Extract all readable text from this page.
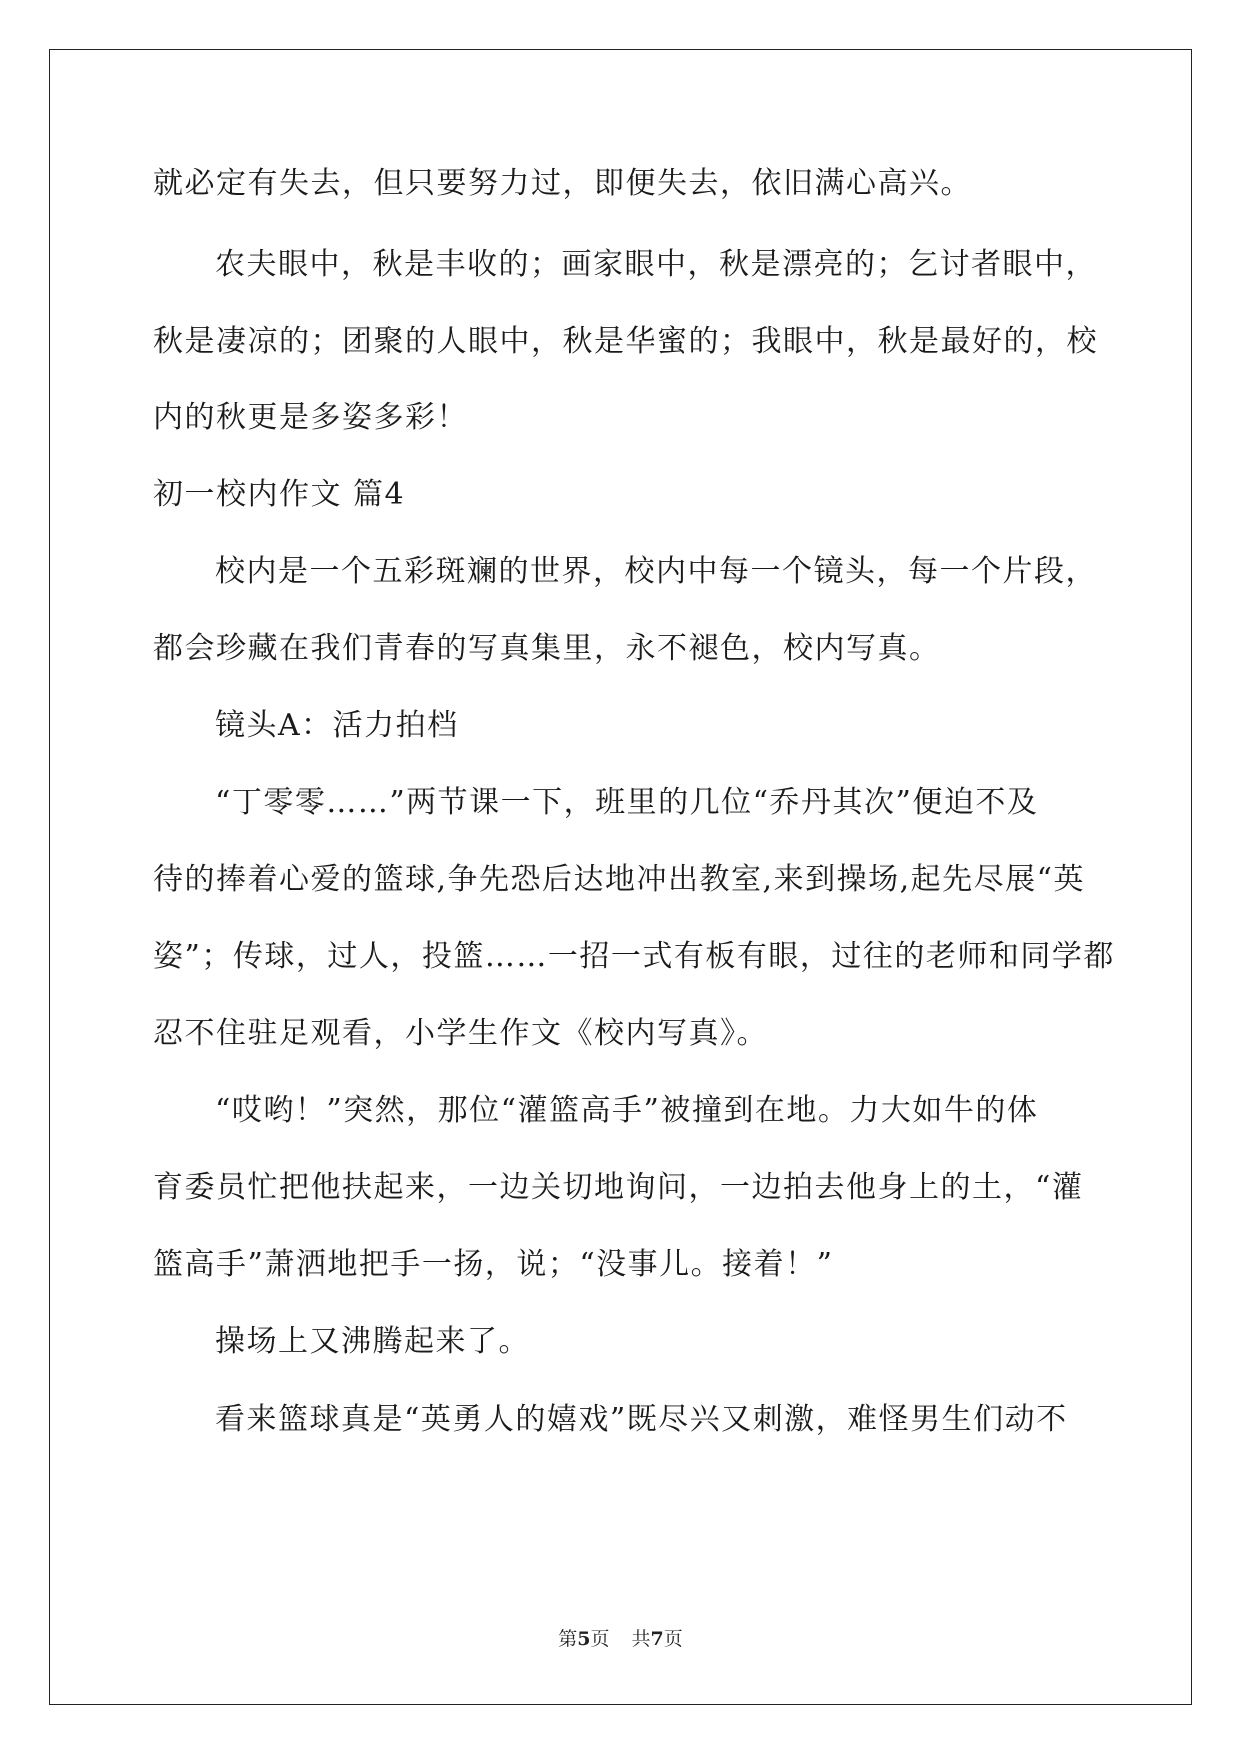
就必定有失去，但只要努力过，即便失去，依旧满心高兴。
农夫眼中，秋是丰收的；画家眼中，秋是漂亮的；乞讨者眼中，
秋是凄凉的；团聚的人眼中，秋是华蜜的；我眼中，秋是最好的，校
内的秋更是多姿多彩！
初一校内作文 篇4
校内是一个五彩斑斓的世界，校内中每一个镜头，每一个片段，
都会珍藏在我们青春的写真集里，永不褪色，校内写真。
镜头A：活力拍档
“丁零零……”两节课一下，班里的几位“乔丹其次”便迫不及
待的捧着心爱的篮球,争先恐后达地冲出教室,来到操场,起先尽展“英
姿”；传球，过人，投篮……一招一式有板有眼，过往的老师和同学都
忍不住驻足观看，小学生作文《校内写真》。
“哎哟！”突然，那位“灌篮高手”被撞到在地。力大如牛的体
育委员忙把他扶起来，一边关切地询问，一边拍去他身上的土，“灌
篮高手”萧洒地把手一扬，说；“没事儿。接着！”
操场上又沸腾起来了。
看来篮球真是“英勇人的嬉戏”既尽兴又刺激，难怪男生们动不
第5页 共7页
